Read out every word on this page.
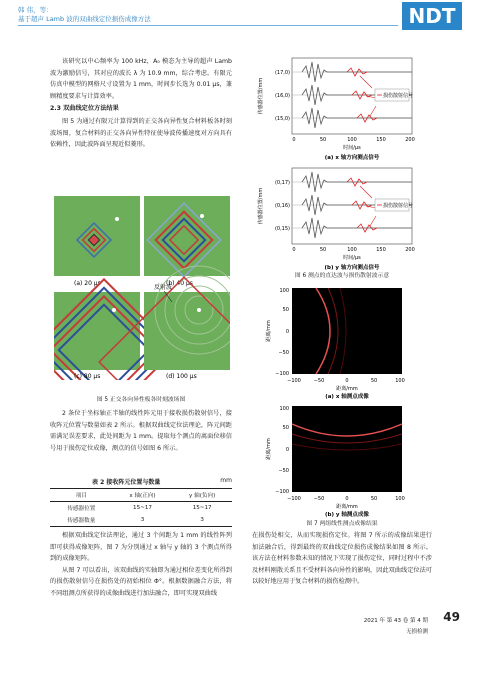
韩 伟，等：
基于超声 Lamb 波的双曲线定位损伤成像方法	NDT

该研究以中心频率为 100 kHz，A₀ 模态为主导的超声 Lamb 波为激励信号，其对应的波长 λ 为 10.9 mm，综合考虑，有限元仿真中模型的网格尺寸设置为 1 mm，时间步长选为 0.01 μs，兼顾精度要求与计算效率。

2.3 双曲线定位方法结果

图 5 为通过有限元计算得到的正交各向异性复合材料板各时刻波场图，复合材料的正交各向异性特征使导波传播速度对方向具有依赖性，因此波阵面呈现近似菱形。

(a) 20 μs	(b) 40 μs
反射波
(c) 80 μs	(d) 100 μs
图 5 正交各向异性板各时刻波场图

2 条位于坐标轴正半轴的线性阵元用于接收损伤散射信号，接收阵元位置与数量如表 2 所示。根据双曲线定位法理论，阵元间距需满足误差要求，此处间距为 1 mm。提取每个测点的离面位移信号用于损伤定位成像，测点的信号如图 6 所示。

表 2 接收阵元位置与数量	mm
项目	x 轴(正向)	y 轴(负向)
传感器位置	15~17	15~17
传感器数量	3	3

根据双曲线定位法理论，通过 3 个间距为 1 mm 的线性阵列即可获得成像矩阵，图 7 为分别通过 x 轴与 y 轴的 3 个测点所得到的成像矩阵。

从图 7 可以看出，该双曲线的实轴即为通过相位差变化所得到的损伤散射信号在损伤处的初始相位 Φ°。根据数据融合方法，将不同组测点所获得的成像曲线进行加法融合，即可实现双曲线

损伤散射信号
(17,0)
(16,0)
(15,0)
0	50	100	150	200
时间/μs
传感器位置/mm
(a) x 轴方向测点信号
损伤散射信号
(0,17)
(0,16)
(0,15)
0	50	100	150	200
时间/μs
传感器位置/mm
(b) y 轴方向测点信号
图 6 测点的直达波与损伤散射波示意
100
50
0
−50
−100
−100	−50	0	50	100
距离/mm
距离/mm
(a) x 轴测点成像
100
50
0
−50
−100
−100	−50	0	50	100
距离/mm
距离/mm
(b) y 轴测点成像
图 7 两组线性测点成像结果

在损伤处相交，从而实现损伤定位。将图 7 所示的成像结果进行加法融合后，得到最终的双曲线定位损伤成像结果如图 8 所示。该方法在材料参数未知的情况下实现了损伤定位，同时过程中不涉及材料刚散关系且不受材料各向异性的影响，因此双曲线定位法可以较好地应用于复合材料的损伤检测中。

49
2021 年 第 43 卷 第 4 期
无损检测
